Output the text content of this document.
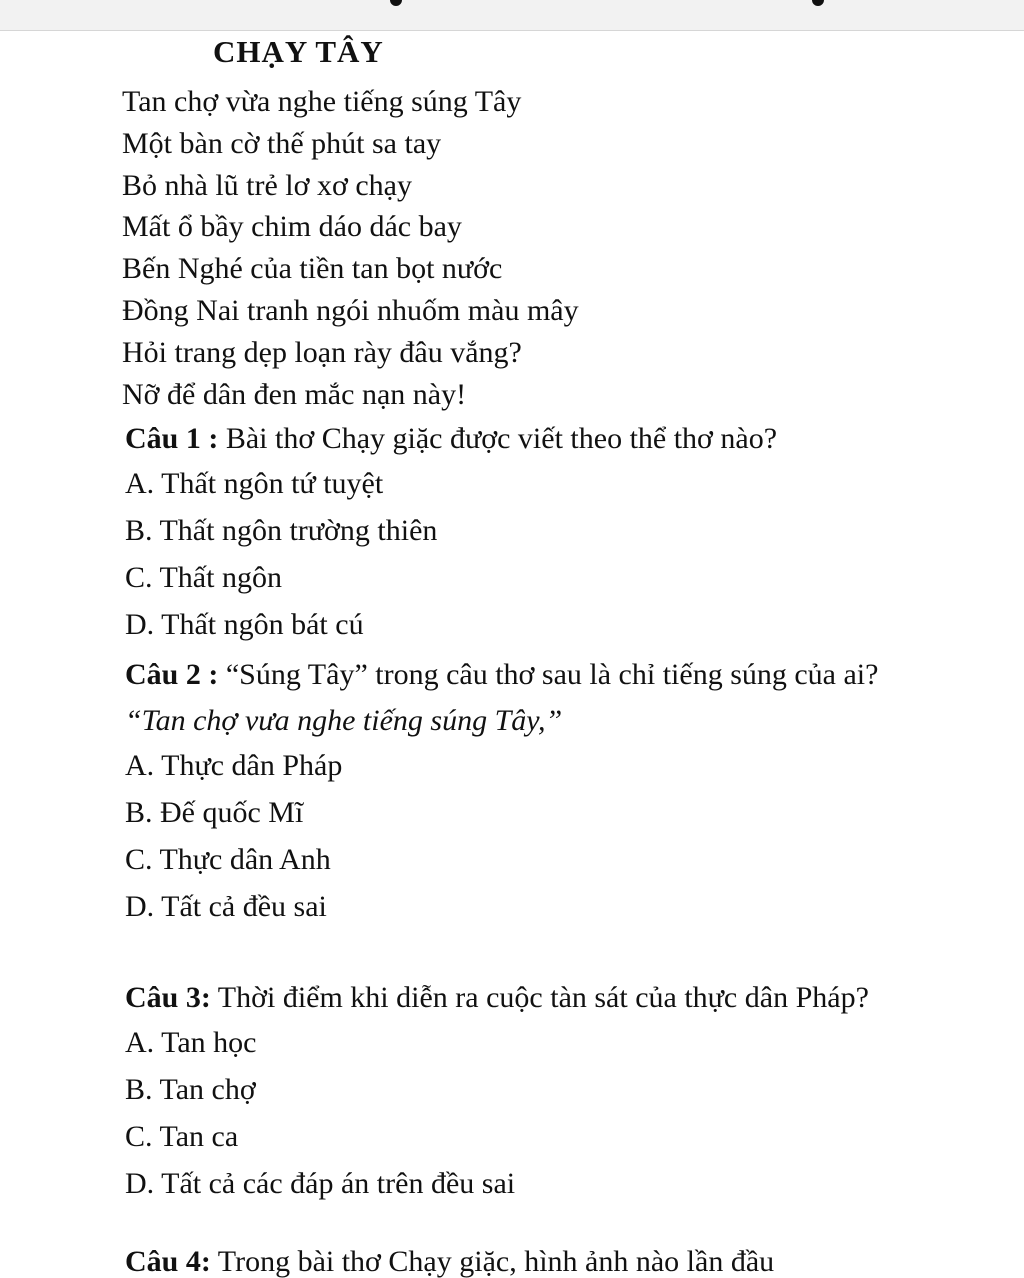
CHẠY TÂY
Tan chợ vừa nghe tiếng súng Tây
Một bàn cờ thế phút sa tay
Bỏ nhà lũ trẻ lơ xơ chạy
Mất ổ bầy chim dáo dác bay
Bến Nghé của tiền tan bọt nước
Đồng Nai tranh ngói nhuốm màu mây
Hỏi trang dẹp loạn rày đâu vắng?
Nỡ để dân đen mắc nạn này!

Câu 1 : Bài thơ Chạy giặc được viết theo thể thơ nào?

A. Thất ngôn tứ tuyệt
B. Thất ngôn trường thiên
C. Thất ngôn
D. Thất ngôn bát cú

Câu 2 : “Súng Tây” trong câu thơ sau là chỉ tiếng súng của ai?

“Tan chợ vưa nghe tiếng súng Tây,”

A. Thực dân Pháp
B. Đế quốc Mĩ
C. Thực dân Anh
D. Tất cả đều sai

Câu 3: Thời điểm khi diễn ra cuộc tàn sát của thực dân Pháp?

A. Tan học
B. Tan chợ
C. Tan ca
D. Tất cả các đáp án trên đều sai
Câu 4: Trong bài thơ Chạy giặc, hình ảnh nào lần đầu
